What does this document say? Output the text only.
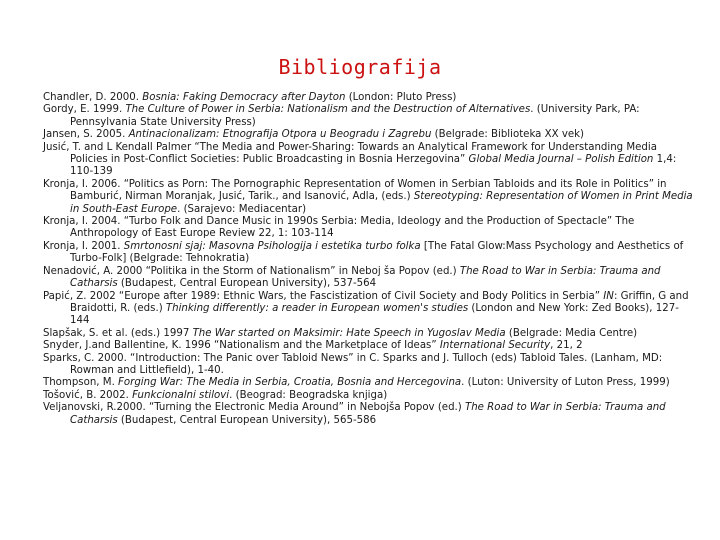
Bibliografija
Chandler, D. 2000. Bosnia: Faking Democracy after Dayton (London: Pluto Press)
Gordy, E. 1999. The Culture of Power in Serbia: Nationalism and the Destruction of Alternatives. (University Park, PA: Pennsylvania State University Press)
Jansen, S. 2005. Antinacionalizam: Etnografija Otpora u Beogradu i Zagrebu (Belgrade: Biblioteka XX vek)
Jusić, T. and L Kendall Palmer “The Media and Power-Sharing: Towards an Analytical Framework for Understanding Media Policies in Post-Conflict Societies: Public Broadcasting in Bosnia Herzegovina” Global Media Journal – Polish Edition 1,4: 110-139
Kronja, I. 2006. “Politics as Porn: The Pornographic Representation of Women in Serbian Tabloids and its Role in Politics” in Bamburić, Nirman Moranjak, Jusić, Tarik., and Isanović, Adla, (eds.) Stereotyping: Representation of Women in Print Media in South-East Europe. (Sarajevo: Mediacentar)
Kronja, I. 2004. “Turbo Folk and Dance Music in 1990s Serbia: Media, Ideology and the Production of Spectacle” The Anthropology of East Europe Review 22, 1: 103-114
Kronja, I. 2001. Smrtonosni sjaj: Masovna Psihologija i estetika turbo folka [The Fatal Glow:Mass Psychology and Aesthetics of Turbo-Folk] (Belgrade: Tehnokratia)
Nenadović, A. 2000 “Politika in the Storm of Nationalism” in Neboj ša Popov (ed.) The Road to War in Serbia: Trauma and Catharsis (Budapest, Central European University), 537-564
Papić, Z. 2002 “Europe after 1989: Ethnic Wars, the Fascistization of Civil Society and Body Politics in Serbia” IN: Griffin, G and Braidotti, R. (eds.) Thinking differently: a reader in European women's studies (London and New York: Zed Books), 127-144
Slapšak, S. et al. (eds.) 1997 The War started on Maksimir: Hate Speech in Yugoslav Media (Belgrade: Media Centre)
Snyder, J.and Ballentine, K. 1996 “Nationalism and the Marketplace of Ideas” International Security, 21, 2
Sparks, C. 2000. “Introduction: The Panic over Tabloid News” in C. Sparks and J. Tulloch (eds) Tabloid Tales. (Lanham, MD: Rowman and Littlefield), 1-40.
Thompson, M. Forging War: The Media in Serbia, Croatia, Bosnia and Hercegovina. (Luton: University of Luton Press, 1999)
Tošović, B. 2002. Funkcionalni stilovi. (Beograd: Beogradska knjiga)
Veljanovski, R.2000. “Turning the Electronic Media Around” in Nebojša Popov (ed.) The Road to War in Serbia: Trauma and Catharsis (Budapest, Central European University), 565-586
